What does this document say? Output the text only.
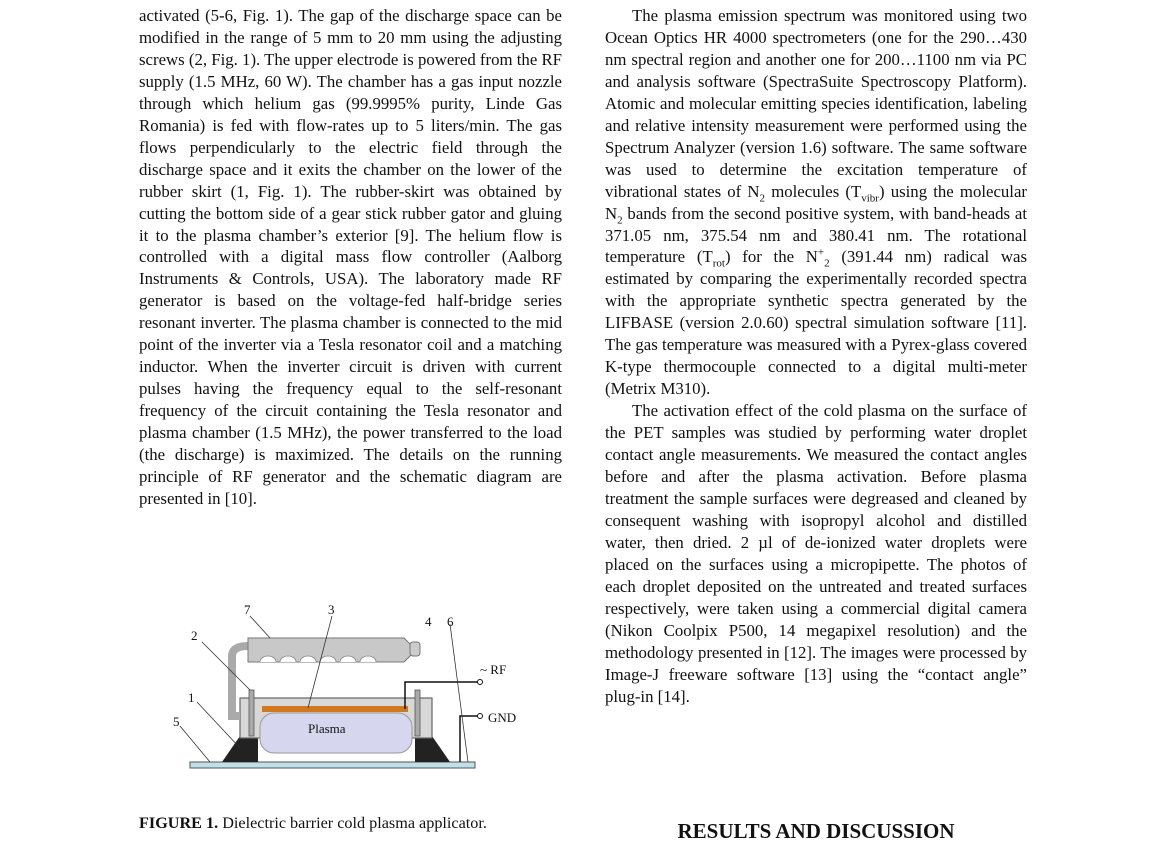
activated (5-6, Fig. 1). The gap of the discharge space can be modified in the range of 5 mm to 20 mm using the adjusting screws (2, Fig. 1). The upper electrode is powered from the RF supply (1.5 MHz, 60 W). The chamber has a gas input nozzle through which helium gas (99.9995% purity, Linde Gas Romania) is fed with flow-rates up to 5 liters/min. The gas flows perpendicularly to the electric field through the discharge space and it exits the chamber on the lower of the rubber skirt (1, Fig. 1). The rubber-skirt was obtained by cutting the bottom side of a gear stick rubber gator and gluing it to the plasma chamber’s exterior [9]. The helium flow is controlled with a digital mass flow controller (Aalborg Instruments & Controls, USA). The laboratory made RF generator is based on the voltage-fed half-bridge series resonant inverter. The plasma chamber is connected to the mid point of the inverter via a Tesla resonator coil and a matching inductor. When the inverter circuit is driven with current pulses having the frequency equal to the self-resonant frequency of the circuit containing the Tesla resonator and plasma chamber (1.5 MHz), the power transferred to the load (the discharge) is maximized. The details on the running principle of RF generator and the schematic diagram are presented in [10].

7	3
4 6
2
1
5	Plasma
~ RF
GND
FIGURE 1. Dielectric barrier cold plasma applicator.

The plasma emission spectrum was monitored using two Ocean Optics HR 4000 spectrometers (one for the 290…430 nm spectral region and another one for 200…1100 nm via PC and analysis software (SpectraSuite Spectroscopy Platform). Atomic and molecular emitting species identification, labeling and relative intensity measurement were performed using the Spectrum Analyzer (version 1.6) software. The same software was used to determine the excitation temperature of vibrational states of $N_2$ molecules $(T_{vibr})$ using the molecular $N_2$ bands from the second positive system, with band-heads at 371.05 nm, 375.54 nm and 380.41 nm. The rotational temperature $(T_{rot})$ for the $N^+_2$ (391.44 nm) radical was estimated by comparing the experimentally recorded spectra with the appropriate synthetic spectra generated by the LIFBASE (version 2.0.60) spectral simulation software [11]. The gas temperature was measured with a Pyrex-glass covered K-type thermocouple connected to a digital multi-meter (Metrix M310).

The activation effect of the cold plasma on the surface of the PET samples was studied by performing water droplet contact angle measurements. We measured the contact angles before and after the plasma activation. Before plasma treatment the sample surfaces were degreased and cleaned by consequent washing with isopropyl alcohol and distilled water, then dried. 2 µl of de-ionized water droplets were placed on the surfaces using a micropipette. The photos of each droplet deposited on the untreated and treated surfaces respectively, were taken using a commercial digital camera (Nikon Coolpix P500, 14 megapixel resolution) and the methodology presented in [12]. The images were processed by Image-J freeware software [13] using the “contact angle” plug-in [14].

RESULTS AND DISCUSSION
